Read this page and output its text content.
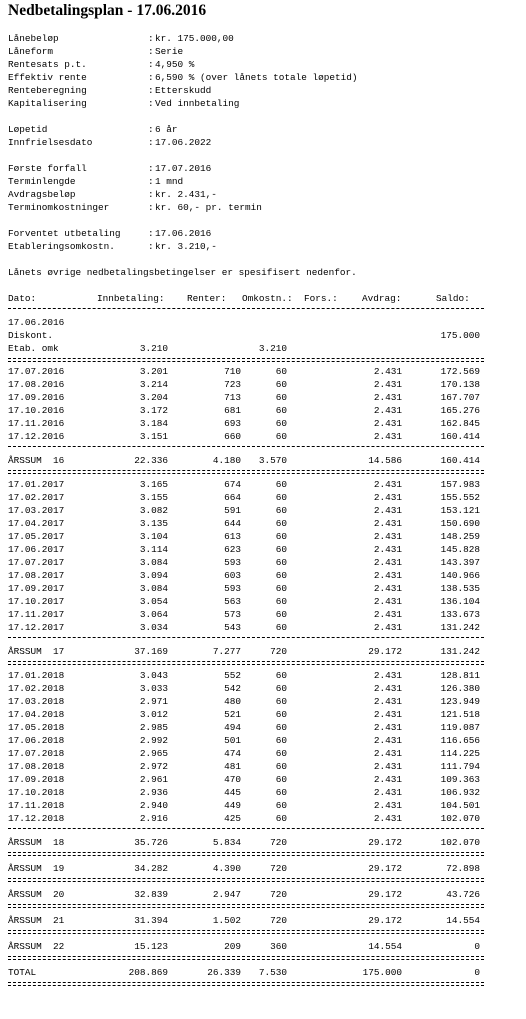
Nedbetalingsplan - 17.06.2016
Lånebeløp	: kr. 175.000,00
Låneform	: Serie
Rentesats p.t.	: 4,950 %
Effektiv rente	: 6,590 % (over lånets totale løpetid)
Renteberegning	: Etterskudd
Kapitalisering	: Ved innbetaling
Løpetid	: 6 år
Innfrielsesdato	: 17.06.2022
Første forfall	: 17.07.2016
Terminlengde	: 1 mnd
Avdragsbeløp	: kr. 2.431,-
Terminomkostninger	: kr. 60,- pr. termin
Forventet utbetaling	: 17.06.2016
Etableringsomkostn.	: kr. 3.210,-
Lånets øvrige nedbetalingsbetingelser er spesifisert nedenfor.
Dato:	Innbetaling: Renter: Omkostn.: Fors.:	Avdrag:	Saldo:
17.06.2016
Diskont.	175.000
Etab. omk	3.210	3.210
17.07.2016	3.201	710	60	2.431	172.569
17.08.2016	3.214	723	60	2.431	170.138
17.09.2016	3.204	713	60	2.431	167.707
17.10.2016	3.172	681	60	2.431	165.276
17.11.2016	3.184	693	60	2.431	162.845
17.12.2016	3.151	660	60	2.431	160.414
ÅRSSUM  16	22.336	4.180 3.570	14.586	160.414
17.01.2017	3.165	674	60	2.431	157.983
17.02.2017	3.155	664	60	2.431	155.552
17.03.2017	3.082	591	60	2.431	153.121
17.04.2017	3.135	644	60	2.431	150.690
17.05.2017	3.104	613	60	2.431	148.259
17.06.2017	3.114	623	60	2.431	145.828
17.07.2017	3.084	593	60	2.431	143.397
17.08.2017	3.094	603	60	2.431	140.966
17.09.2017	3.084	593	60	2.431	138.535
17.10.2017	3.054	563	60	2.431	136.104
17.11.2017	3.064	573	60	2.431	133.673
17.12.2017	3.034	543	60	2.431	131.242
ÅRSSUM  17	37.169	7.277	720	29.172	131.242
17.01.2018	3.043	552	60	2.431	128.811
17.02.2018	3.033	542	60	2.431	126.380
17.03.2018	2.971	480	60	2.431	123.949
17.04.2018	3.012	521	60	2.431	121.518
17.05.2018	2.985	494	60	2.431	119.087
17.06.2018	2.992	501	60	2.431	116.656
17.07.2018	2.965	474	60	2.431	114.225
17.08.2018	2.972	481	60	2.431	111.794
17.09.2018	2.961	470	60	2.431	109.363
17.10.2018	2.936	445	60	2.431	106.932
17.11.2018	2.940	449	60	2.431	104.501
17.12.2018	2.916	425	60	2.431	102.070
ÅRSSUM  18	35.726	5.834	720	29.172	102.070
ÅRSSUM  19	34.282	4.390	720	29.172	72.898
ÅRSSUM  20	32.839	2.947	720	29.172	43.726
ÅRSSUM  21	31.394	1.502	720	29.172	14.554
ÅRSSUM  22	15.123	209	360	14.554	0
TOTAL	208.869	26.339 7.530	175.000	0
